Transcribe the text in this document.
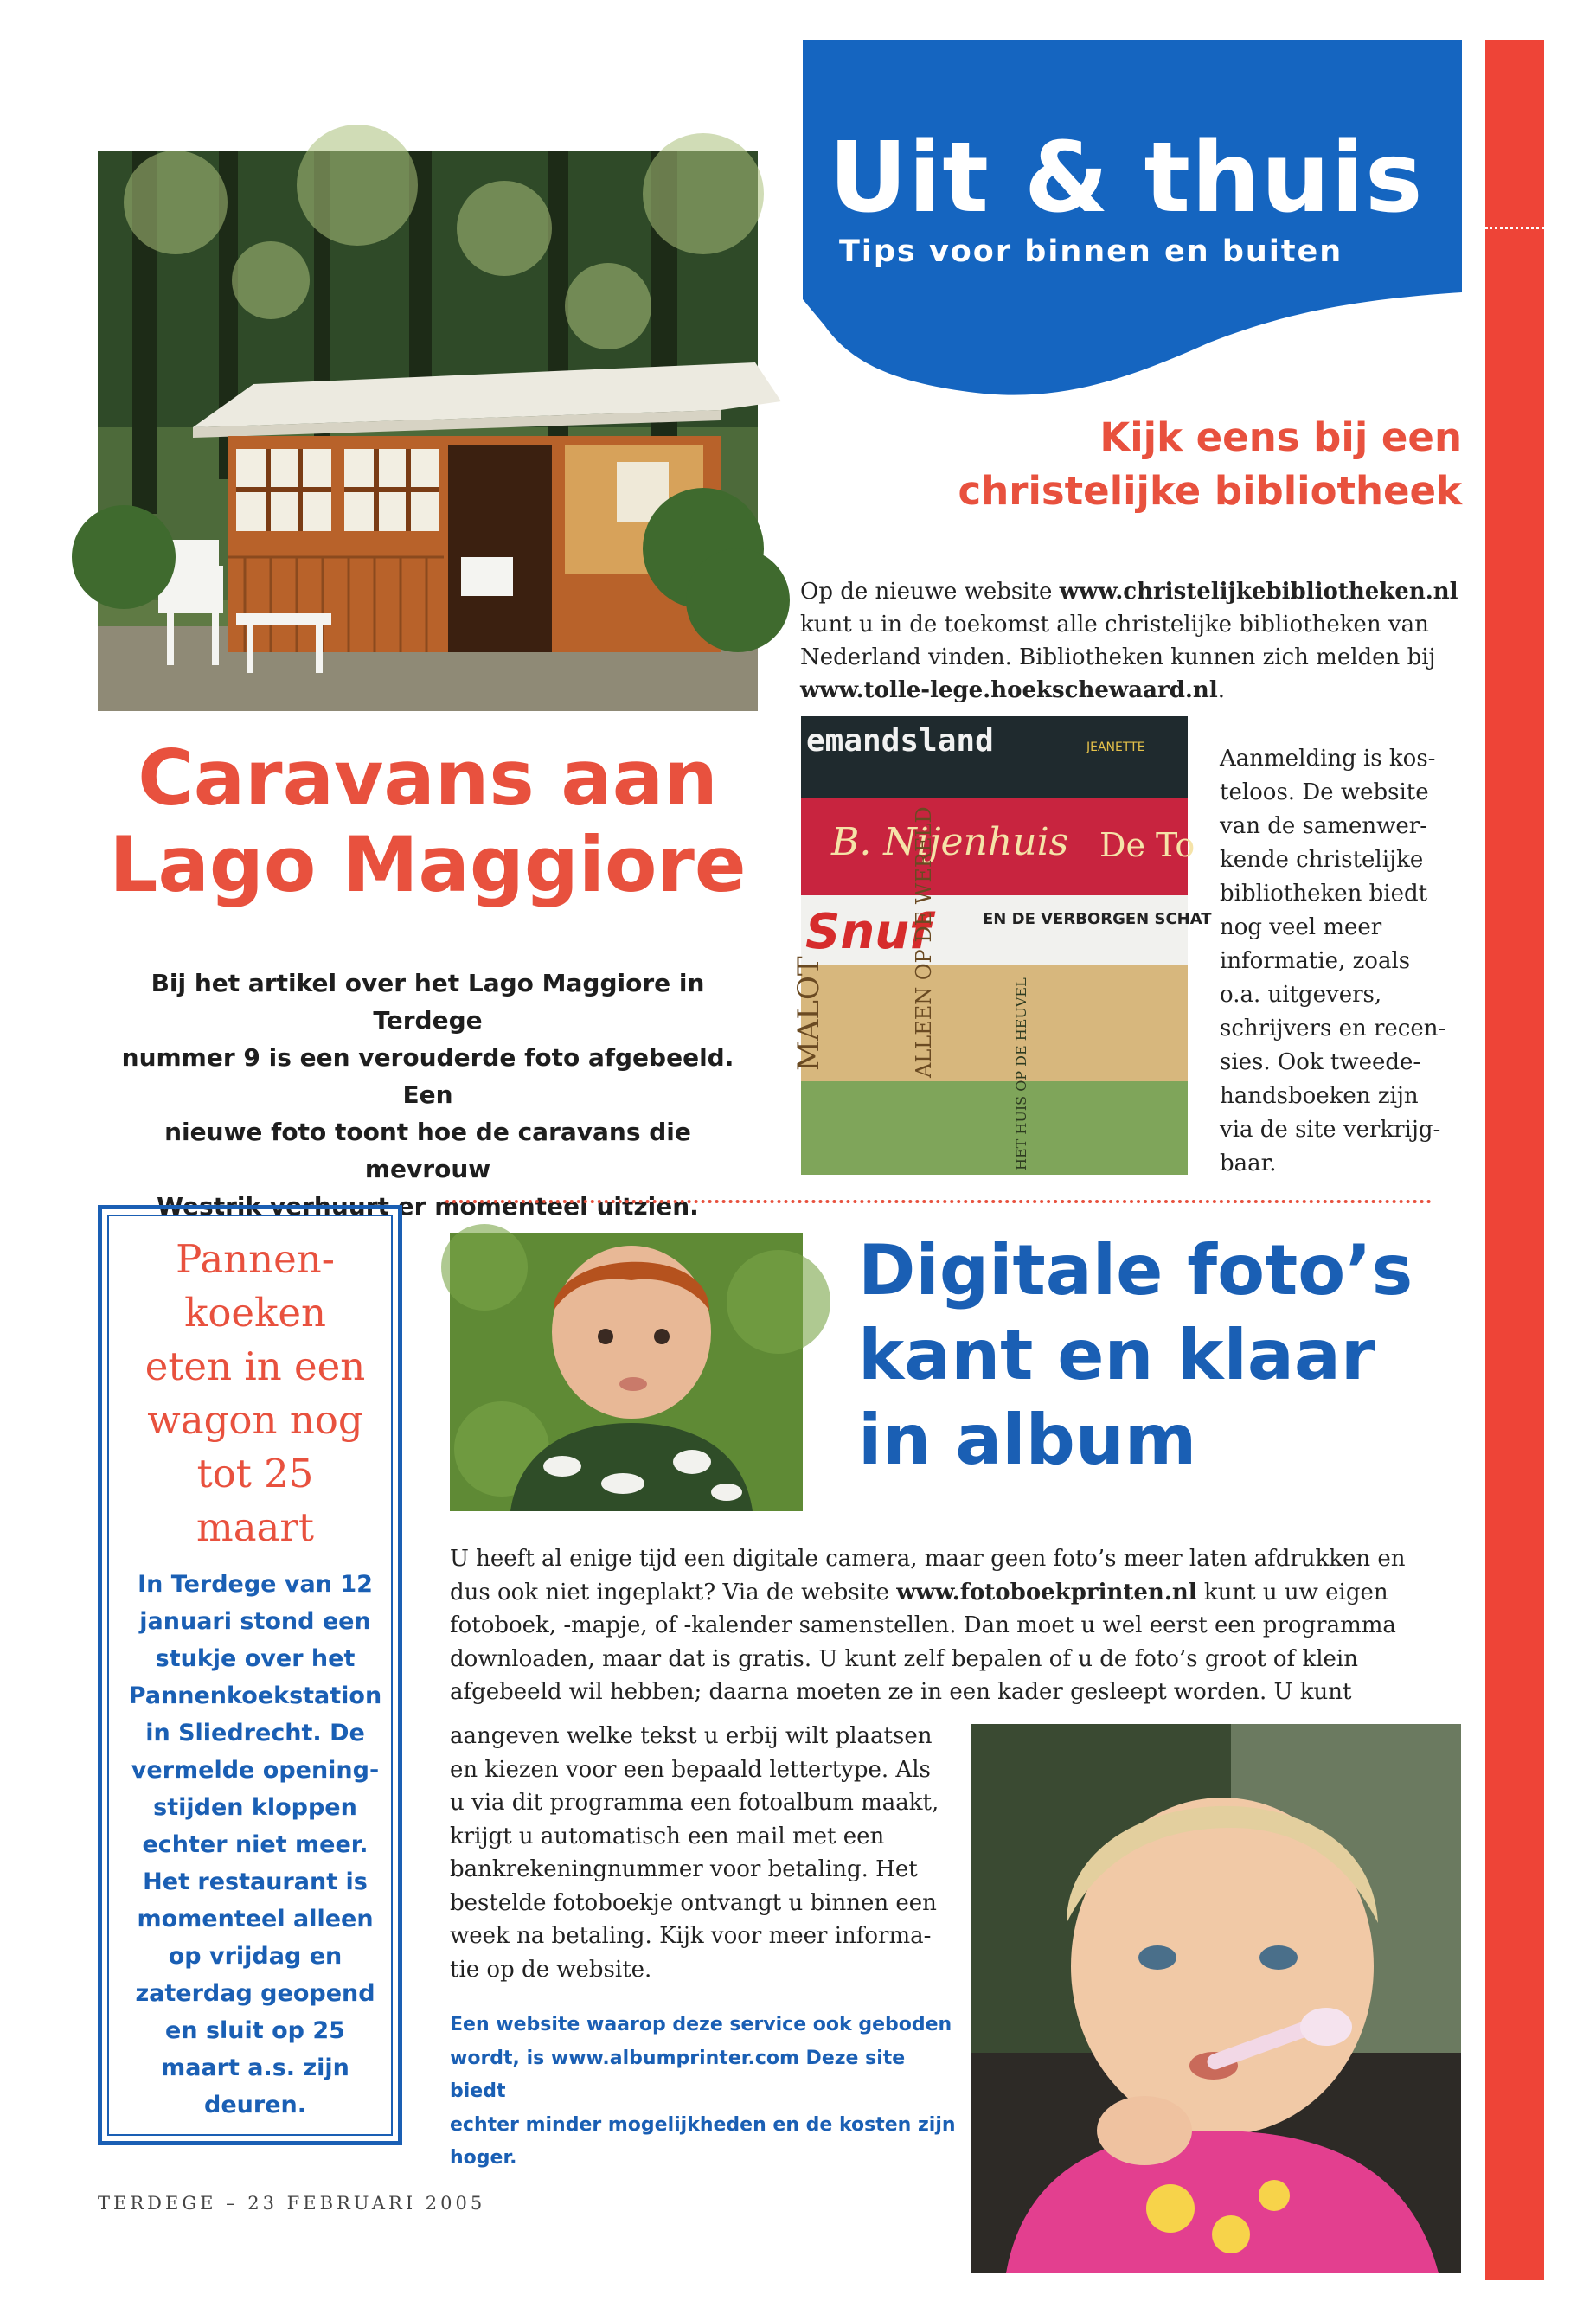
Uit & thuis
Tips voor binnen en buiten
Caravans aan
Lago Maggiore
Bij het artikel over het Lago Maggiore in Terdege
nummer 9 is een verouderde foto afgebeeld. Een
nieuwe foto toont hoe de caravans die mevrouw
Westrik verhuurt er momenteel uitzien.
Kijk eens bij een
christelijke bibliotheek
Op de nieuwe website www.christelijkebibliotheken.nl kunt u in de toekomst alle christelijke bibliotheken van Nederland vinden. Bibliotheken kunnen zich melden bij www.tolle-lege.hoekschewaard.nl.
emandsland	JEANETTE
B. Nijenhuis De To
Snuf	EN DE VERBORGEN SCHAT
MALOT	ALLEEN OP DE WERELD	HET HUIS OP DE HEUVEL
Aanmelding is kos-
teloos. De website
van de samenwer-
kende christelijke
bibliotheken biedt
nog veel meer
informatie, zoals
o.a. uitgevers,
schrijvers en recen-
sies. Ook tweede-
handsboeken zijn
via de site verkrijg-
baar.
Pannen-
koeken
eten in een
wagon nog
tot 25
maart
In Terdege van 12
januari stond een
stukje over het
Pannenkoekstation
in Sliedrecht. De
vermelde opening-
stijden kloppen
echter niet meer.
Het restaurant is
momenteel alleen
op vrijdag en
zaterdag geopend
en sluit op 25
maart a.s. zijn
deuren.
Digitale foto’s
kant en klaar
in album
U heeft al enige tijd een digitale camera, maar geen foto’s meer laten afdrukken en dus ook niet ingeplakt? Via de website www.fotoboekprinten.nl kunt u uw eigen fotoboek, -mapje, of -kalender samenstellen. Dan moet u wel eerst een programma downloaden, maar dat is gratis. U kunt zelf bepalen of u de foto’s groot of klein afgebeeld wil hebben; daarna moeten ze in een kader gesleept worden. U kunt
aangeven welke tekst u erbij wilt plaatsen
en kiezen voor een bepaald lettertype. Als
u via dit programma een fotoalbum maakt,
krijgt u automatisch een mail met een
bankrekeningnummer voor betaling. Het
bestelde fotoboekje ontvangt u binnen een
week na betaling. Kijk voor meer informa-
tie op de website.
Een website waarop deze service ook geboden
wordt, is www.albumprinter.com Deze site biedt
echter minder mogelijkheden en de kosten zijn
hoger.
TERDEGE – 23 FEBRUARI 2005
